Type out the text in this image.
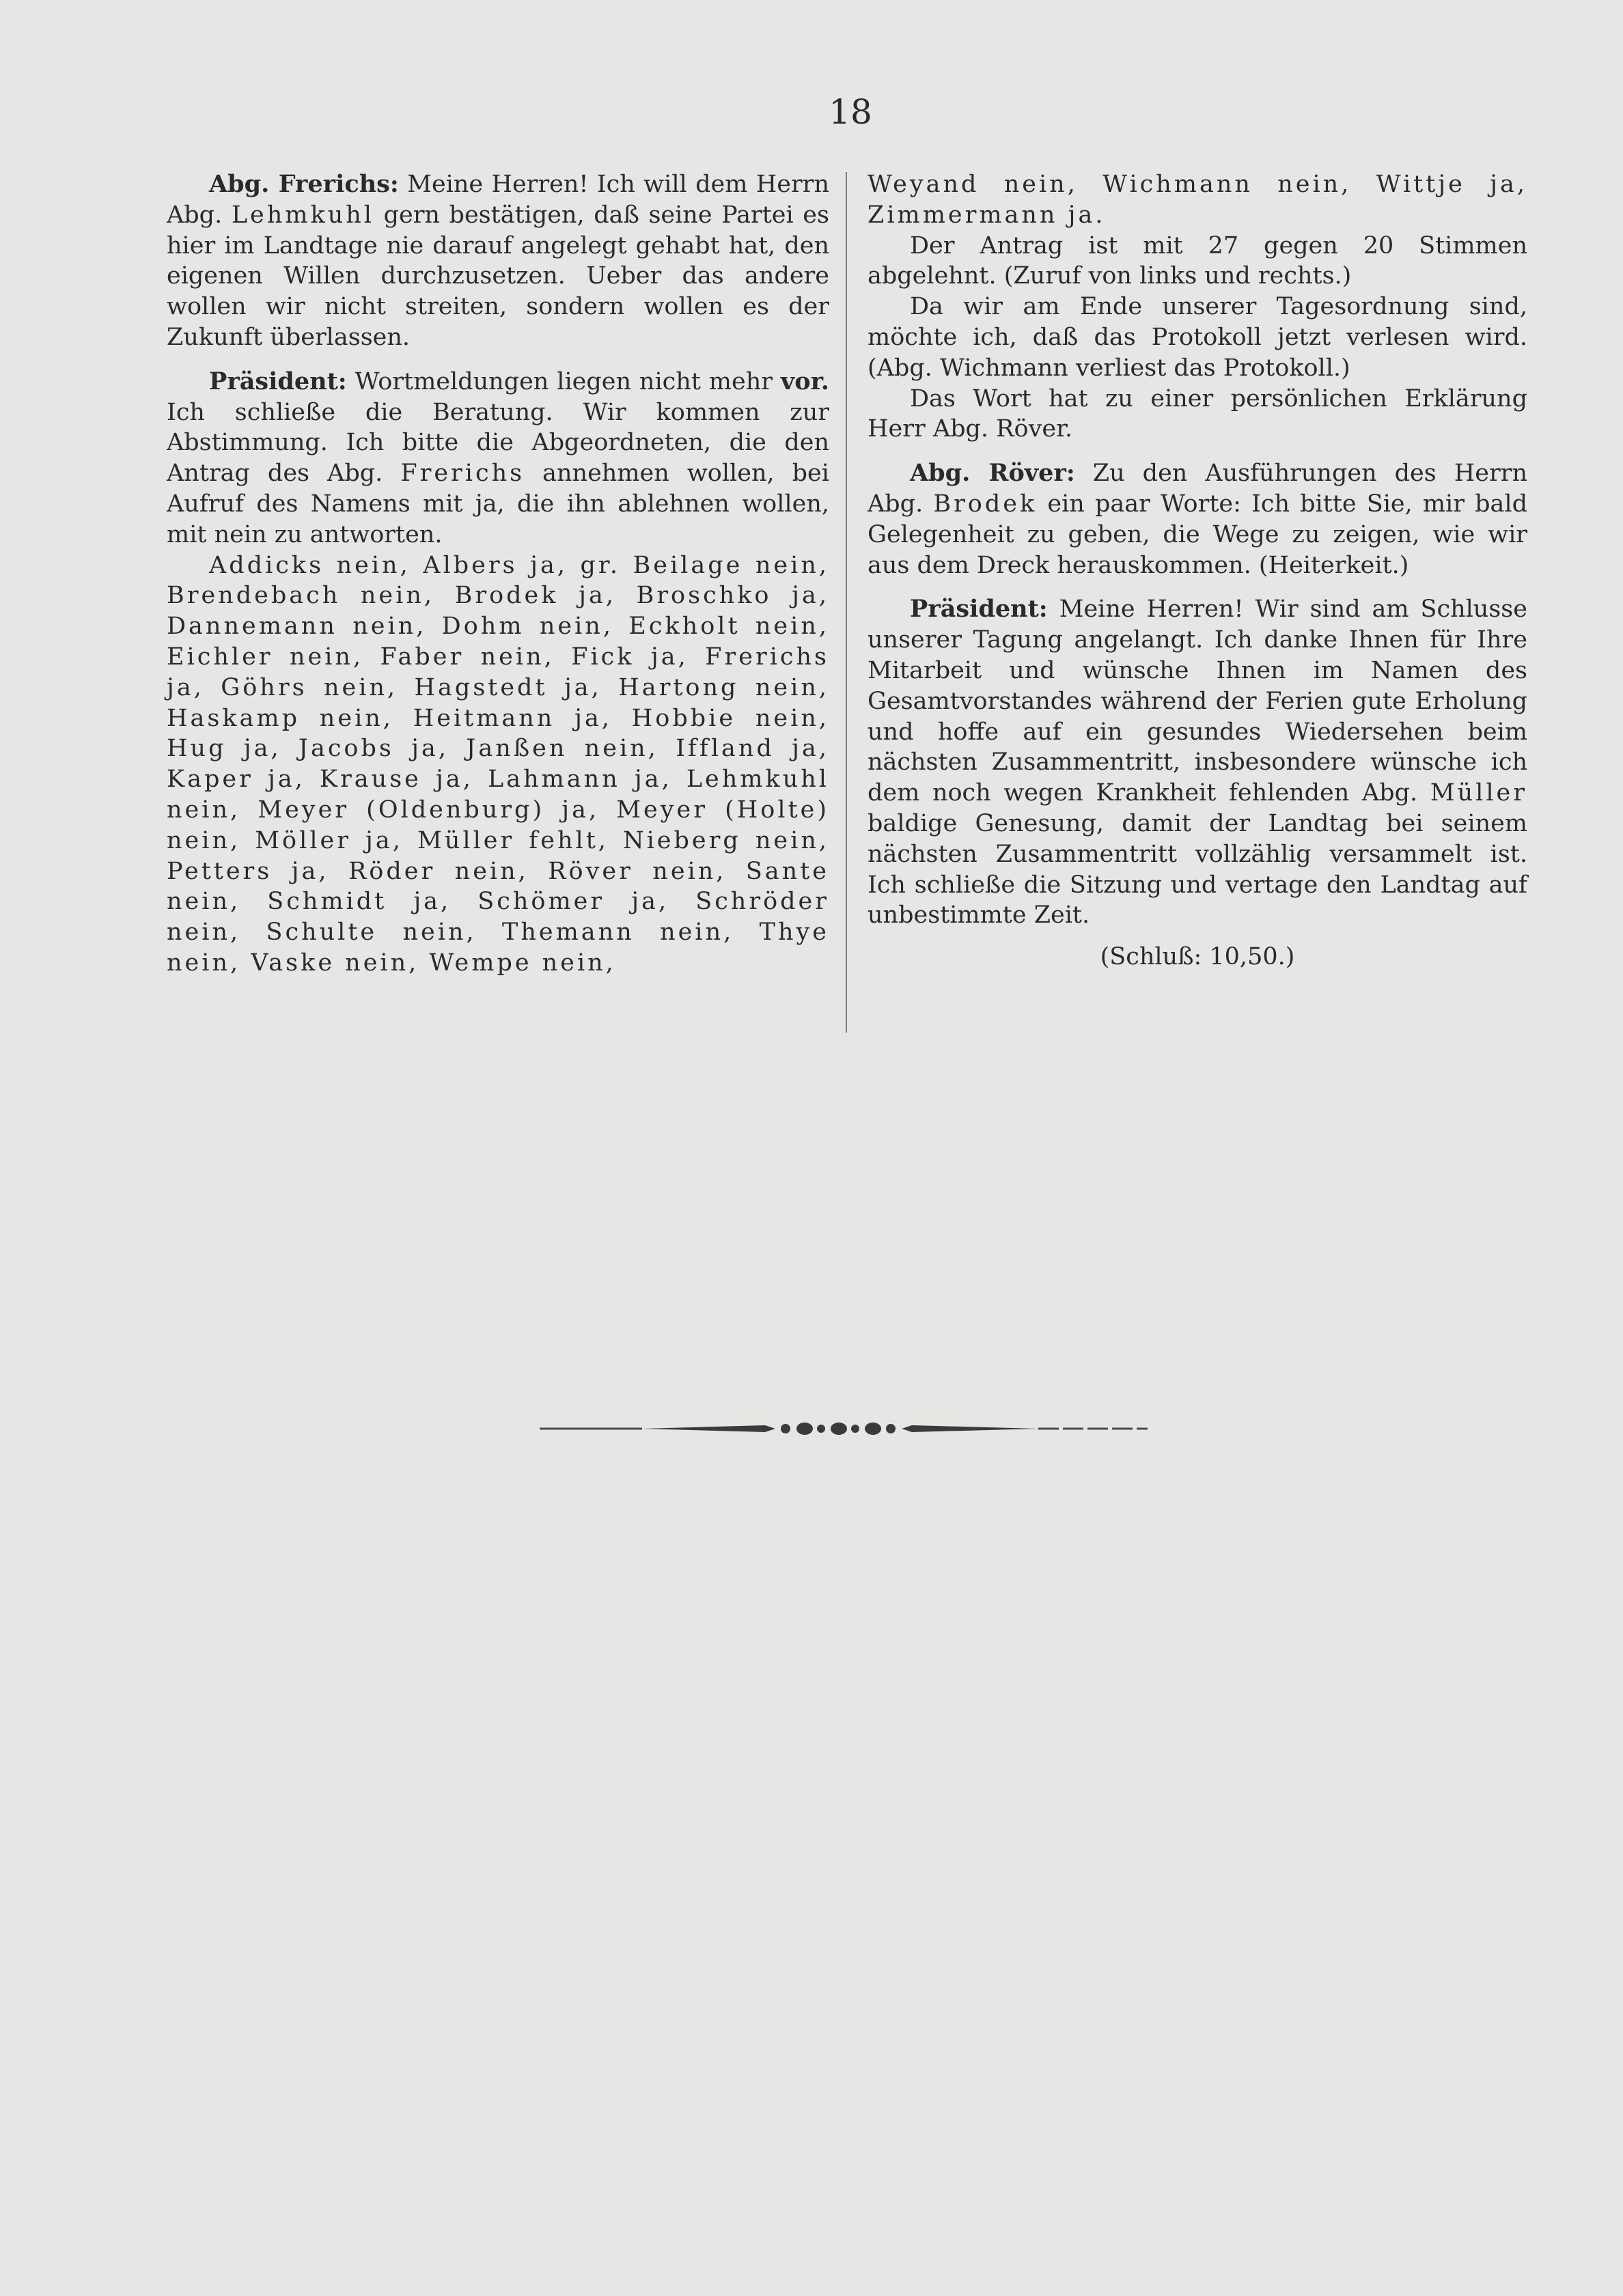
18

Abg. Frerichs: Meine Herren! Ich will dem Herrn Abg. Lehmkuhl gern bestätigen, daß seine Partei es hier im Landtage nie darauf angelegt gehabt hat, den eigenen Willen durchzusetzen. Ueber das andere wollen wir nicht streiten, sondern wollen es der Zukunft überlassen.

Präsident: Wortmeldungen liegen nicht mehr vor. Ich schließe die Beratung. Wir kommen zur Abstimmung. Ich bitte die Abgeordneten, die den Antrag des Abg. Frerichs annehmen wollen, bei Aufruf des Namens mit ja, die ihn ablehnen wollen, mit nein zu antworten.

Addicks nein, Albers ja, gr. Beilage nein, Brendebach nein, Brodek ja, Broschko ja, Dannemann nein, Dohm nein, Eckholt nein, Eichler nein, Faber nein, Fick ja, Frerichs ja, Göhrs nein, Hagstedt ja, Hartong nein, Haskamp nein, Heitmann ja, Hobbie nein, Hug ja, Jacobs ja, Janßen nein, Iffland ja, Kaper ja, Krause ja, Lahmann ja, Lehmkuhl nein, Meyer (Oldenburg) ja, Meyer (Holte) nein, Möller ja, Müller fehlt, Nieberg nein, Petters ja, Röder nein, Röver nein, Sante nein, Schmidt ja, Schömer ja, Schröder nein, Schulte nein, Themann nein, Thye nein, Vaske nein, Wempe nein,

Weyand nein, Wichmann nein, Wittje ja, Zimmermann ja.

Der Antrag ist mit 27 gegen 20 Stimmen abgelehnt. (Zuruf von links und rechts.)

Da wir am Ende unserer Tagesordnung sind, möchte ich, daß das Protokoll jetzt verlesen wird. (Abg. Wichmann verliest das Protokoll.)

Das Wort hat zu einer persönlichen Erklärung Herr Abg. Röver.

Abg. Röver: Zu den Ausführungen des Herrn Abg. Brodek ein paar Worte: Ich bitte Sie, mir bald Gelegenheit zu geben, die Wege zu zeigen, wie wir aus dem Dreck herauskommen. (Heiterkeit.)

Präsident: Meine Herren! Wir sind am Schlusse unserer Tagung angelangt. Ich danke Ihnen für Ihre Mitarbeit und wünsche Ihnen im Namen des Gesamtvorstandes während der Ferien gute Erholung und hoffe auf ein gesundes Wiedersehen beim nächsten Zusammentritt, insbesondere wünsche ich dem noch wegen Krankheit fehlenden Abg. Müller baldige Genesung, damit der Landtag bei seinem nächsten Zusammentritt vollzählig versammelt ist. Ich schließe die Sitzung und vertage den Landtag auf unbestimmte Zeit.

(Schluß: 10,50.)
